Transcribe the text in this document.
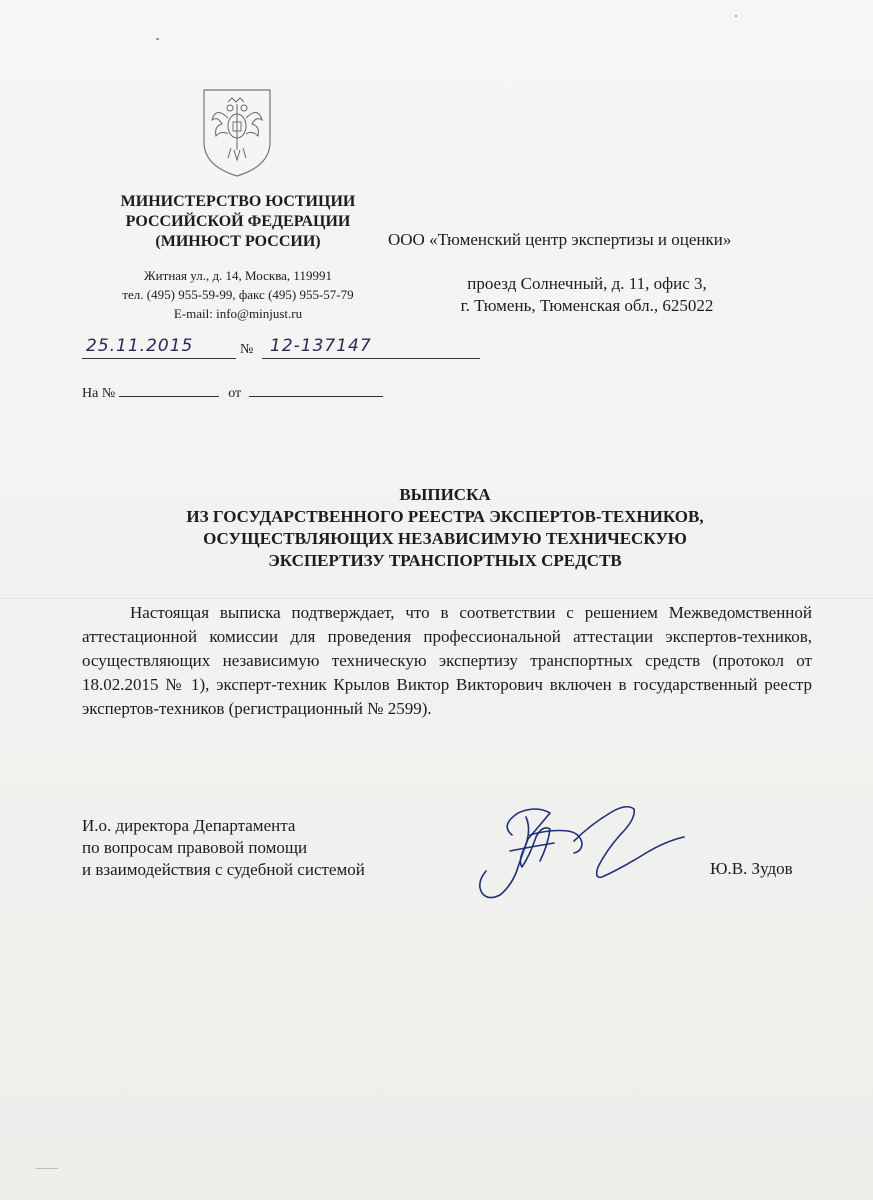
МИНИСТЕРСТВО ЮСТИЦИИ
РОССИЙСКОЙ ФЕДЕРАЦИИ
(МИНЮСТ РОССИИ)
Житная ул., д. 14, Москва, 119991
тел. (495) 955-59-99, факс (495) 955-57-79
E-mail: info@minjust.ru
ООО «Тюменский центр экспертизы и оценки»
проезд Солнечный, д. 11, офис 3,
г. Тюмень, Тюменская обл., 625022
25.11.2015	№ 12-137147
На №	от
ВЫПИСКА
ИЗ ГОСУДАРСТВЕННОГО РЕЕСТРА ЭКСПЕРТОВ-ТЕХНИКОВ,
ОСУЩЕСТВЛЯЮЩИХ НЕЗАВИСИМУЮ ТЕХНИЧЕСКУЮ
ЭКСПЕРТИЗУ ТРАНСПОРТНЫХ СРЕДСТВ
Настоящая выписка подтверждает, что в соответствии с решением Межведомственной аттестационной комиссии для проведения профессиональной аттестации экспертов-техников, осуществляющих независимую техническую экспертизу транспортных средств (протокол от 18.02.2015 № 1), эксперт-техник Крылов Виктор Викторович включен в государственный реестр экспертов-техников (регистрационный № 2599).
И.о. директора Департамента
по вопросам правовой помощи
и взаимодействия с судебной системой	Ю.В. Зудов
